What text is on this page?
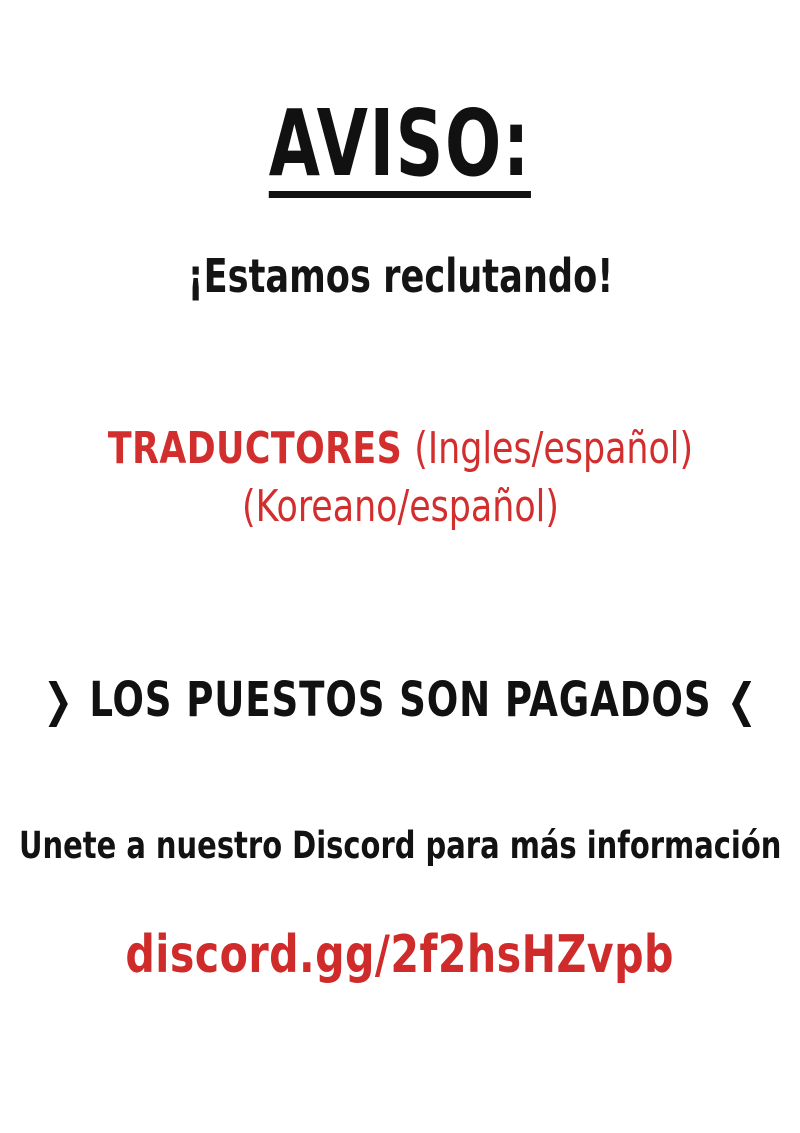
AVISO:
¡Estamos reclutando!
TRADUCTORES (Ingles/español)
(Koreano/español)
❯ LOS PUESTOS SON PAGADOS ❮
Unete a nuestro Discord para más información
discord.gg/2f2hsHZvpb
